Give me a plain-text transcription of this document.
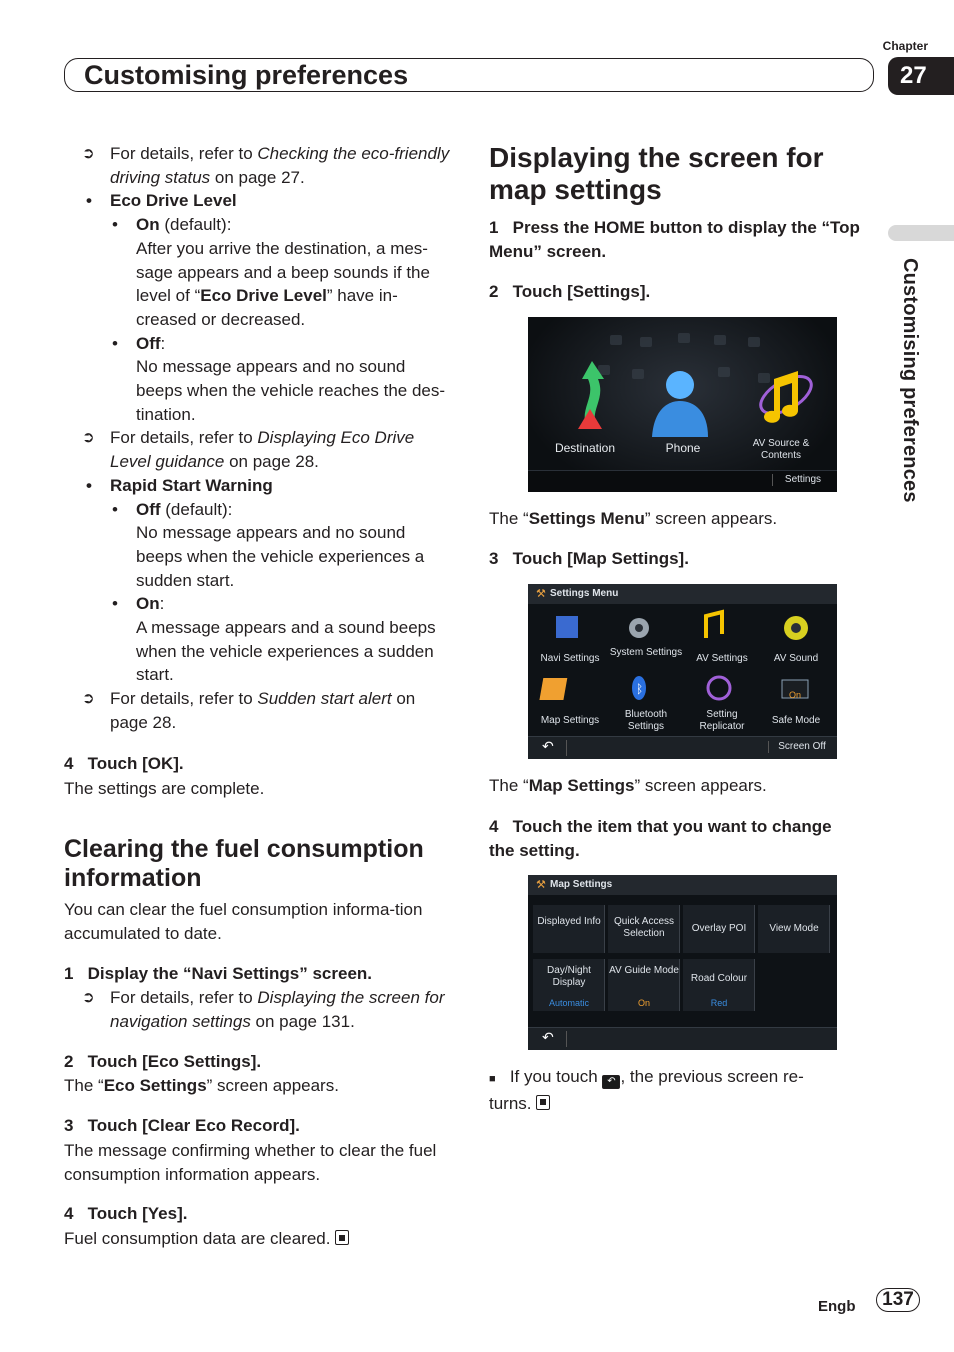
Customising preferences
Chapter
27
Customising preferences
➲ For details, refer to Checking the eco-friendly driving status on page 27.
• Eco Drive Level
• On (default):
After you arrive the destination, a mes-sage appears and a beep sounds if the level of “Eco Drive Level” have in-creased or decreased.
• Off:
No message appears and no sound beeps when the vehicle reaches the des-tination.
➲ For details, refer to Displaying Eco Drive Level guidance on page 28.
• Rapid Start Warning
• Off (default):
No message appears and no sound beeps when the vehicle experiences a sudden start.
• On:
A message appears and a sound beeps when the vehicle experiences a sudden start.
➲ For details, refer to Sudden start alert on page 28.
4 Touch [OK].
The settings are complete.
Clearing the fuel consumption information
You can clear the fuel consumption informa-tion accumulated to date.
1 Display the “Navi Settings” screen.
➲ For details, refer to Displaying the screen for navigation settings on page 131.
2 Touch [Eco Settings].
The “Eco Settings” screen appears.
3 Touch [Clear Eco Record].
The message confirming whether to clear the fuel consumption information appears.
4 Touch [Yes].
Fuel consumption data are cleared.
Displaying the screen for map settings
1 Press the HOME button to display the “Top Menu” screen.
2 Touch [Settings].
Destination	Phone	AV Source & Contents
Settings
The “Settings Menu” screen appears.
3 Touch [Map Settings].
⚒ Settings Menu
ᛒ
Navi Settings
System Settings
AV Settings	AV Sound
Map Settings
Bluetooth Settings
Setting Replicator
Safe Mode
On
↶	Screen Off
The “Map Settings” screen appears.
4 Touch the item that you want to change the setting.
⚒ Map Settings
Displayed Info	Quick Access Selection	Overlay POI	View Mode
Day/Night Display
Automatic
AV Guide Mode
On
Road Colour
Red
↶
■ If you touch ↶ , the previous screen re-turns.
Engb	137
